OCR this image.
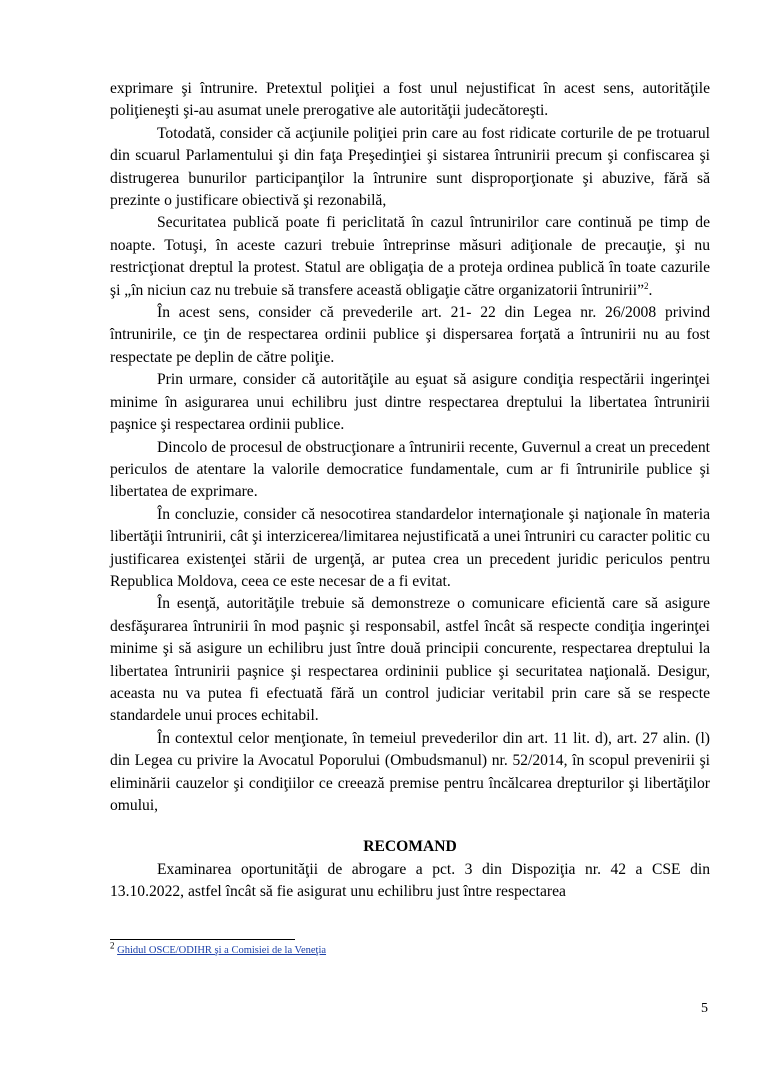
exprimare şi întrunire. Pretextul poliţiei a fost unul nejustificat în acest sens, autorităţile poliţieneşti şi-au asumat unele prerogative ale autorităţii judecătoreşti.

Totodată, consider că acţiunile poliţiei prin care au fost ridicate corturile de pe trotuarul din scuarul Parlamentului şi din faţa Preşedinţiei şi sistarea întrunirii precum şi confiscarea şi distrugerea bunurilor participanţilor la întrunire sunt disproporţionate şi abuzive, fără să prezinte o justificare obiectivă şi rezonabilă,

Securitatea publică poate fi periclitată în cazul întrunirilor care continuă pe timp de noapte. Totuşi, în aceste cazuri trebuie întreprinse măsuri adiţionale de precauţie, şi nu restricţionat dreptul la protest. Statul are obligaţia de a proteja ordinea publică în toate cazurile şi „în niciun caz nu trebuie să transfere această obligaţie către organizatorii întrunirii”$^2$.

În acest sens, consider că prevederile art. 21- 22 din Legea nr. 26/2008 privind întrunirile, ce ţin de respectarea ordinii publice şi dispersarea forţată a întrunirii nu au fost respectate pe deplin de către poliţie.

Prin urmare, consider că autorităţile au eşuat să asigure condiţia respectării ingerinţei minime în asigurarea unui echilibru just dintre respectarea dreptului la libertatea întrunirii paşnice şi respectarea ordinii publice.

Dincolo de procesul de obstrucţionare a întrunirii recente, Guvernul a creat un precedent periculos de atentare la valorile democratice fundamentale, cum ar fi întrunirile publice şi libertatea de exprimare.

În concluzie, consider că nesocotirea standardelor internaţionale şi naţionale în materia libertăţii întrunirii, cât şi interzicerea/limitarea nejustificată a unei întruniri cu caracter politic cu justificarea existenţei stării de urgenţă, ar putea crea un precedent juridic periculos pentru Republica Moldova, ceea ce este necesar de a fi evitat.

În esenţă, autorităţile trebuie să demonstreze o comunicare eficientă care să asigure desfăşurarea întrunirii în mod paşnic şi responsabil, astfel încât să respecte condiţia ingerinţei minime şi să asigure un echilibru just între două principii concurente, respectarea dreptului la libertatea întrunirii paşnice şi respectarea ordininii publice şi securitatea naţională. Desigur, aceasta nu va putea fi efectuată fără un control judiciar veritabil prin care să se respecte standardele unui proces echitabil.

În contextul celor menţionate, în temeiul prevederilor din art. 11 lit. d), art. 27 alin. (l) din Legea cu privire la Avocatul Poporului (Ombudsmanul) nr. 52/2014, în scopul prevenirii şi eliminării cauzelor şi condiţiilor ce creează premise pentru încălcarea drepturilor şi libertăţilor omului,

RECOMAND

Examinarea oportunităţii de abrogare a pct. 3 din Dispoziţia nr. 42 a CSE din 13.10.2022, astfel încât să fie asigurat unu echilibru just între respectarea

$^2$ Ghidul OSCE/ODIHR şi a Comisiei de la Veneţia
5
